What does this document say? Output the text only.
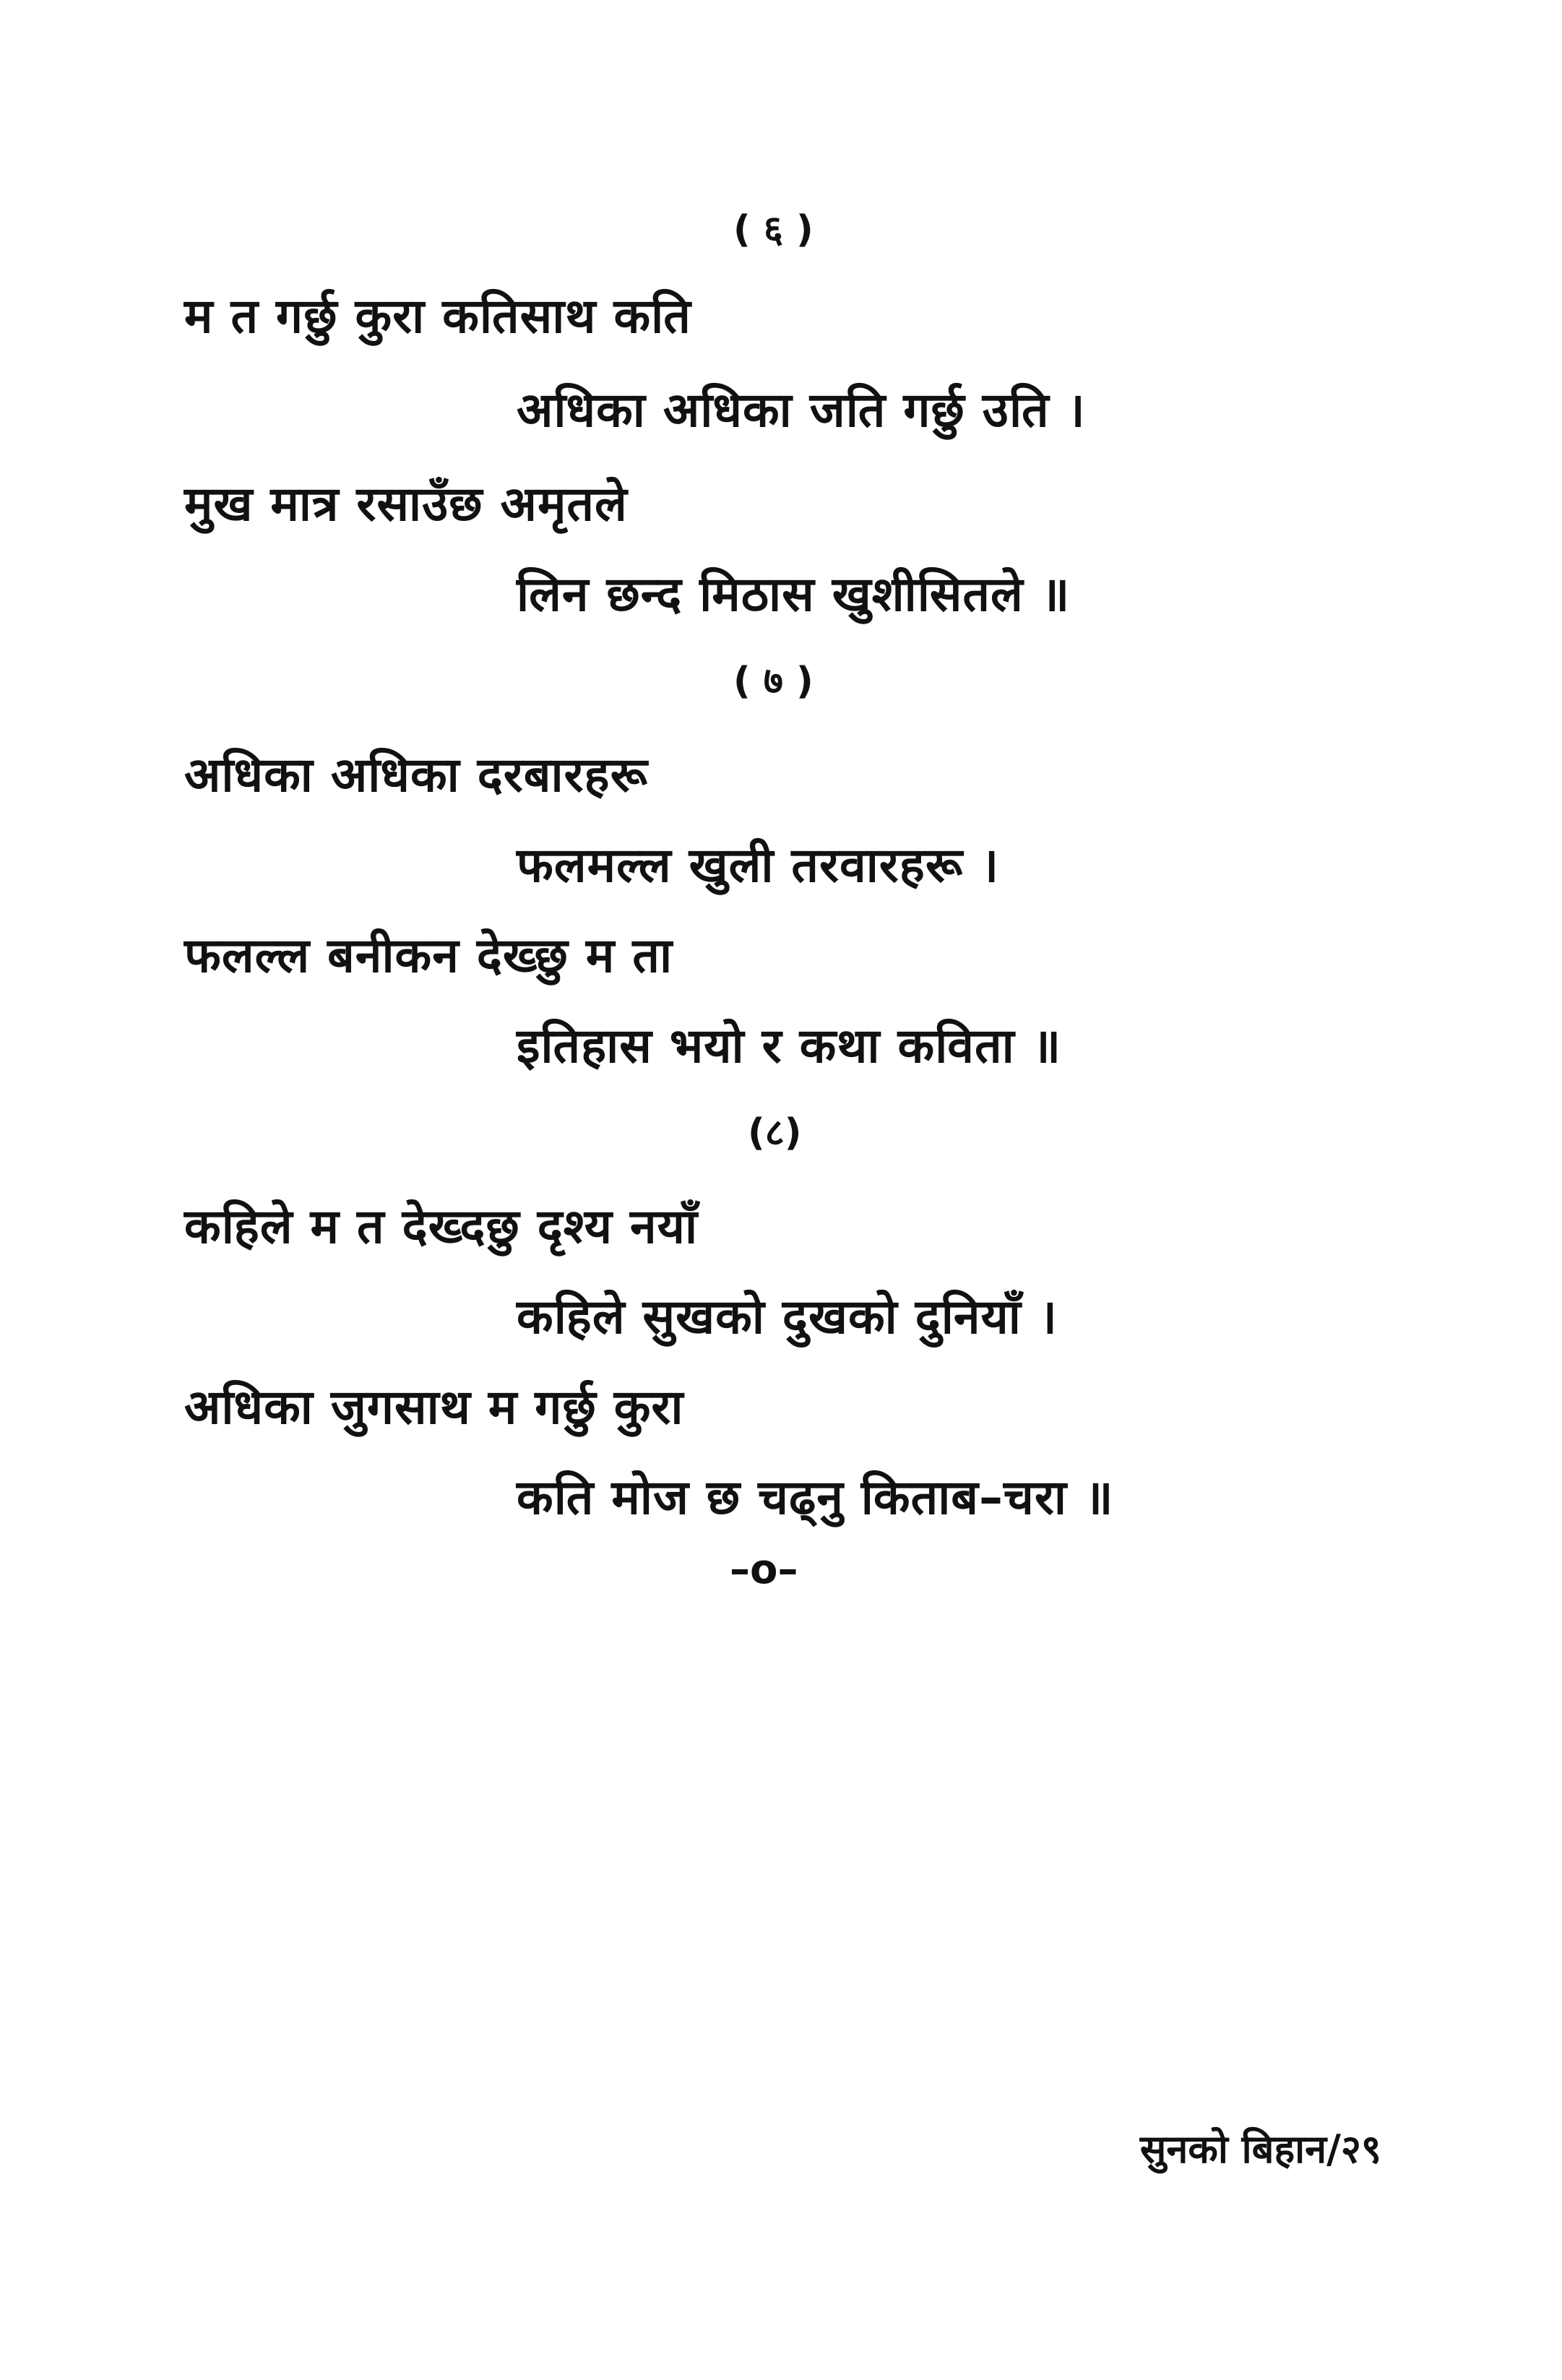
( ६ )
म त गर्छु कुरा कतिसाथ कति
अधिका अधिका जति गर्छु उति ।
मुख मात्र रसाउँछ अमृतले
लिन छन्द मिठास खुशीसितले ॥
( ७ )
अधिका अधिका दरबारहरू
फलमल्ल खुली तरवारहरू ।
फलल्ल बनीकन देख्छु म ता
इतिहास भयो र कथा कविता ॥
(८)
कहिले म त देख्दछु दृश्य नयाँ
कहिले सुखको दुखको दुनियाँ ।
अधिका जुगसाथ म गर्छु कुरा
कति मोज छ चढ्नु किताब–चरा ॥
–o–
सुनको बिहान/२९
